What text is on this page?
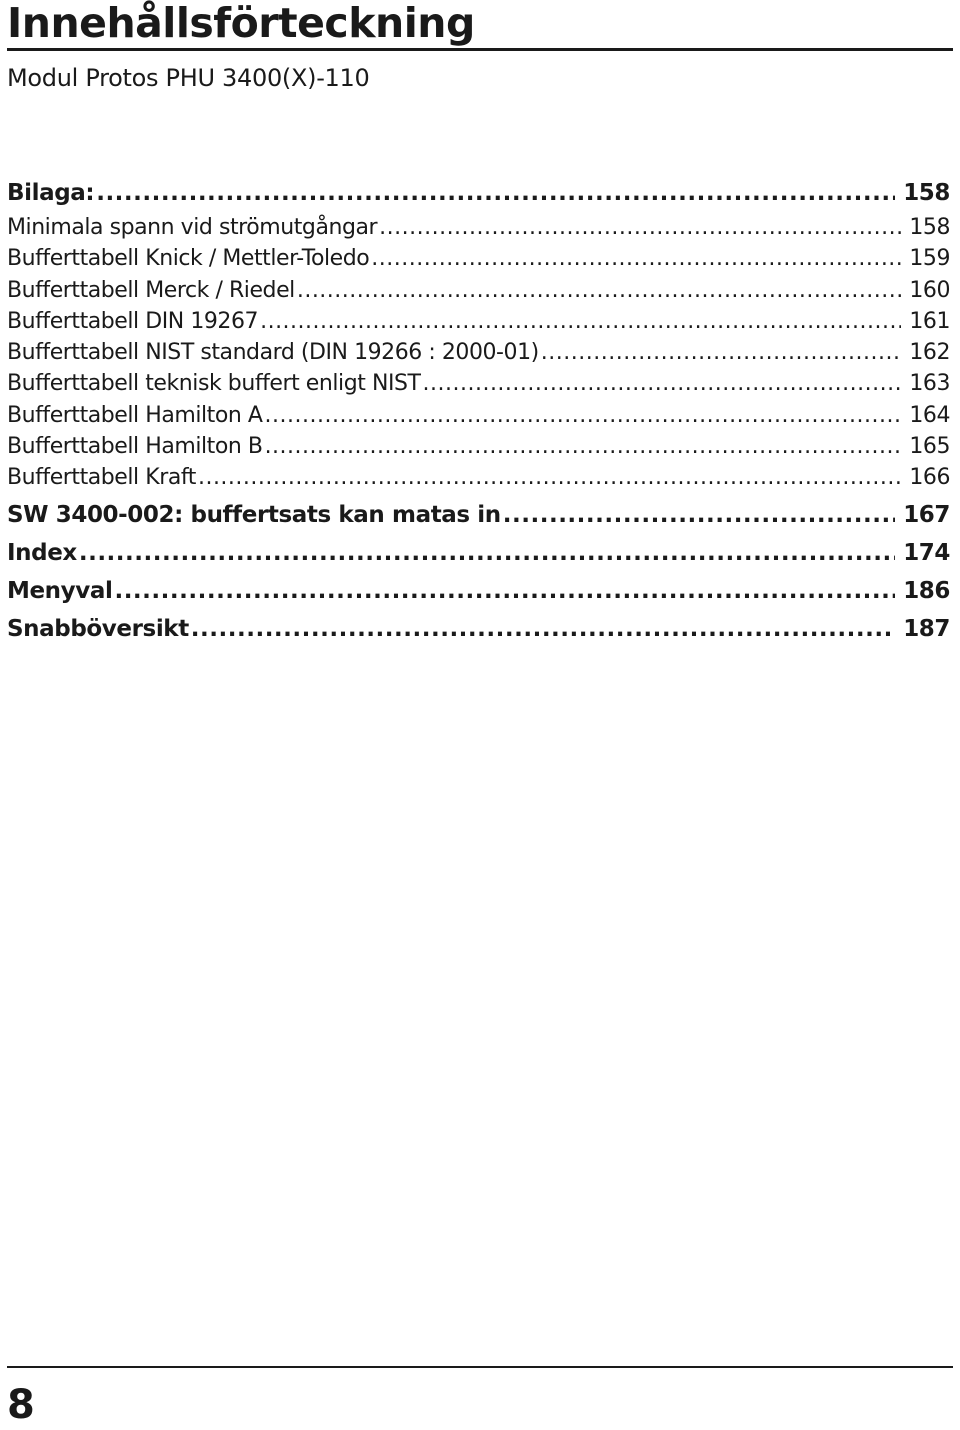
Innehållsförteckning
Modul Protos PHU 3400(X)-110
Bilaga: .....	158
Minimala spann vid strömutgångar .....	158
Bufferttabell Knick / Mettler-Toledo .....	159
Bufferttabell Merck / Riedel .....	160
Bufferttabell DIN 19267 .....	161
Bufferttabell NIST standard (DIN 19266 : 2000-01) .....	162
Bufferttabell teknisk buffert enligt NIST .....	163
Bufferttabell Hamilton A .....	164
Bufferttabell Hamilton B .....	165
Bufferttabell Kraft .....	166
SW 3400-002: buffertsats kan matas in .....	167
Index .....	174
Menyval .....	186
Snabböversikt .....	187
8
